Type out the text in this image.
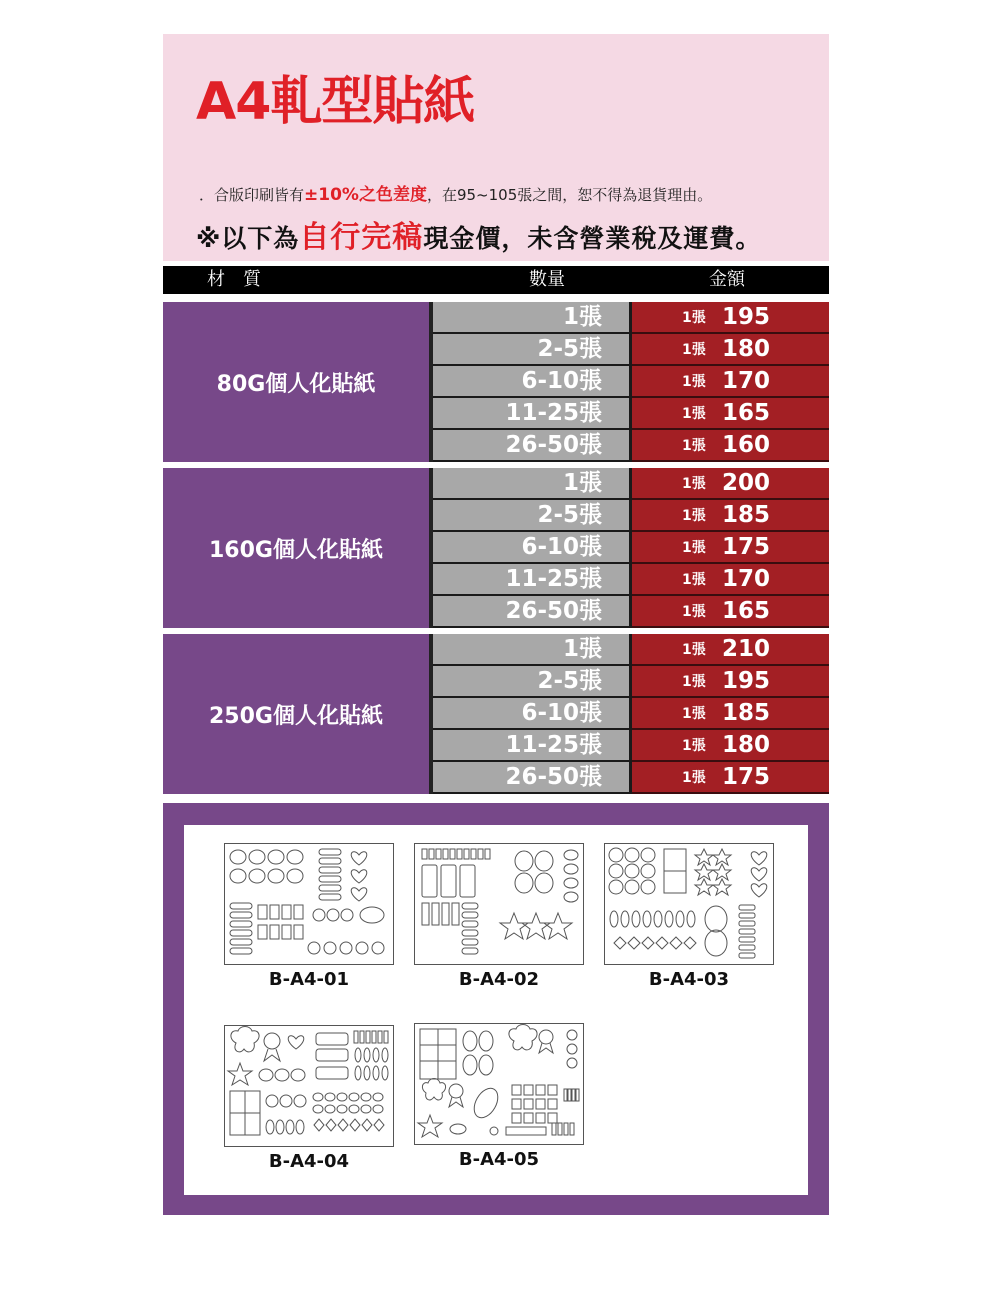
A4軋型貼紙
．合版印刷皆有±10%之色差度，在95~105張之間，恕不得為退貨理由。
※以下為自行完稿現金價，未含營業稅及運費。
材　質	數量	金額
80G個人化貼紙
1張	1張 195
2-5張	1張 180
6-10張	1張 170
11-25張	1張 165
26-50張	1張 160
160G個人化貼紙
1張	1張 200
2-5張	1張 185
6-10張	1張 175
11-25張	1張 170
26-50張	1張 165
250G個人化貼紙
1張	1張 210
2-5張	1張 195
6-10張	1張 185
11-25張	1張 180
26-50張	1張 175
B-A4-01	B-A4-02	B-A4-03
B-A4-04	B-A4-05
